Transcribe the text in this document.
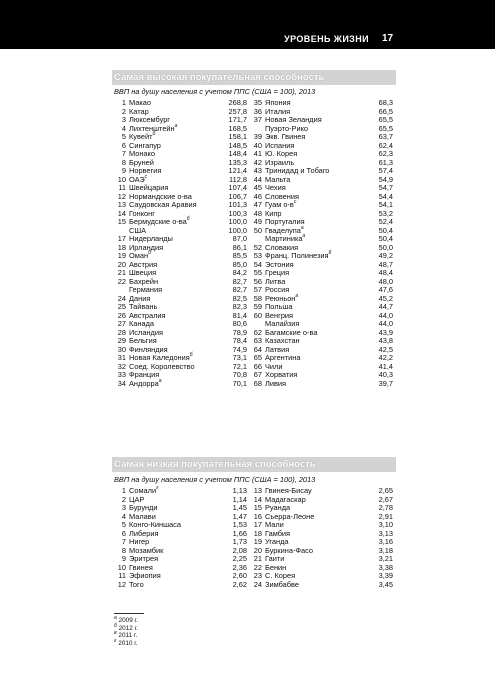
УРОВЕНЬ ЖИЗНИ 17
Самая высокая покупательная способность
ВВП на душу населения с учетом ППС (США = 100), 2013
1 Макао	268,8
2 Катар	257,8
3 Люксембург	171,7
4 Лихтенштейн$^a$	168,5
5 Кувейт$^б$	158,1
6 Сингапур	148,5
7 Монако	148,4
8 Бруней	135,3
9 Норвегия	121,4
10 $ОАЭ^с$	112,8
11 Швейцария	107,4
12 Нормандские о-ва	106,7
13 Саудовская Аравия	101,3
14 Гонконг	100,3
15 Бермудские $о-ва^б$	100,0
США	100,0
17 Нидерланды	87,0
18 Ирландия	86,1
19 Оман$^б$	85,5
20 Австрия	85,0
21 Швеция	84,2
22 Бахрейн	82,7
Германия	82,7
24 Дания	82,5
25 Тайвань	82,3
26 Австралия	81,4
27 Канада	80,6
28 Исландия	78,9
29 Бельгия	78,4
30 Финляндия	74,9
31 Новая Каледония$^б$	73,1
32 Соед. Королевство	72,1
33 Франция	70,8
34 Андорра$^a$	70,1
35 Япония	68,3
36 Италия	66,5
37 Новая Зеландия	65,5
Пуэрто-Рико	65,5
39 Экв. Гвинея	63,7
40 Испания	62,4
41 Ю. Корея	62,3
42 Израиль	61,3
43 Тринидад и Тобаго	57,4
44 Мальта	54,9
45 Чехия	54,7
46 Словения	54,4
47 Гуам $о-в^с$	54,1
48 Кипр	53,2
49 Португалия	52,4
50 Гваделупа$^a$	50,4
Мартиника$^a$	50,4
52 Словакия	50,0
53 Франц. Полинезия$^б$	49,2
54 Эстония	48,7
55 Греция	48,4
56 Литва	48,0
57 Россия	47,6
58 Реюньон$^a$	45,2
59 Польша	44,7
60 Венгрия	44,0
Малайзия	44,0
62 Багамские о-ва	43,9
63 Казахстан	43,8
64 Латвия	42,5
65 Аргентина	42,2
66 Чили	41,4
67 Хорватия	40,3
68 Ливия	39,7
Самая низкая покупательная способность
ВВП на душу населения с учетом ППС (США = 100), 2013
1 Сомали$^г$	1,13
2 ЦАР	1,14
3 Бурунди	1,45
4 Малави	1,47
5 Конго-Киншаса	1,53
6 Либерия	1,66
7 Нигер	1,73
8 Мозамбик	2,08
9 Эритрея	2,25
10 Гвинея	2,36
11 Эфиопия	2,60
12 Того	2,62
13 Гвинея-Бисау	2,65
14 Мадагаскар	2,67
15 Руанда	2,78
16 Сьерра-Леоне	2,91
17 Мали	3,10
18 Гамбия	3,13
19 Уганда	3,16
20 Буркина-Фасо	3,18
21 Гаити	3,21
22 Бенин	3,38
23 С. Корея	3,39
24 Зимбабве	3,45
$^a$ 2009 г.
$^б$ 2012 г.
$^в$ 2011 г.
$^г$ 2010 г.
